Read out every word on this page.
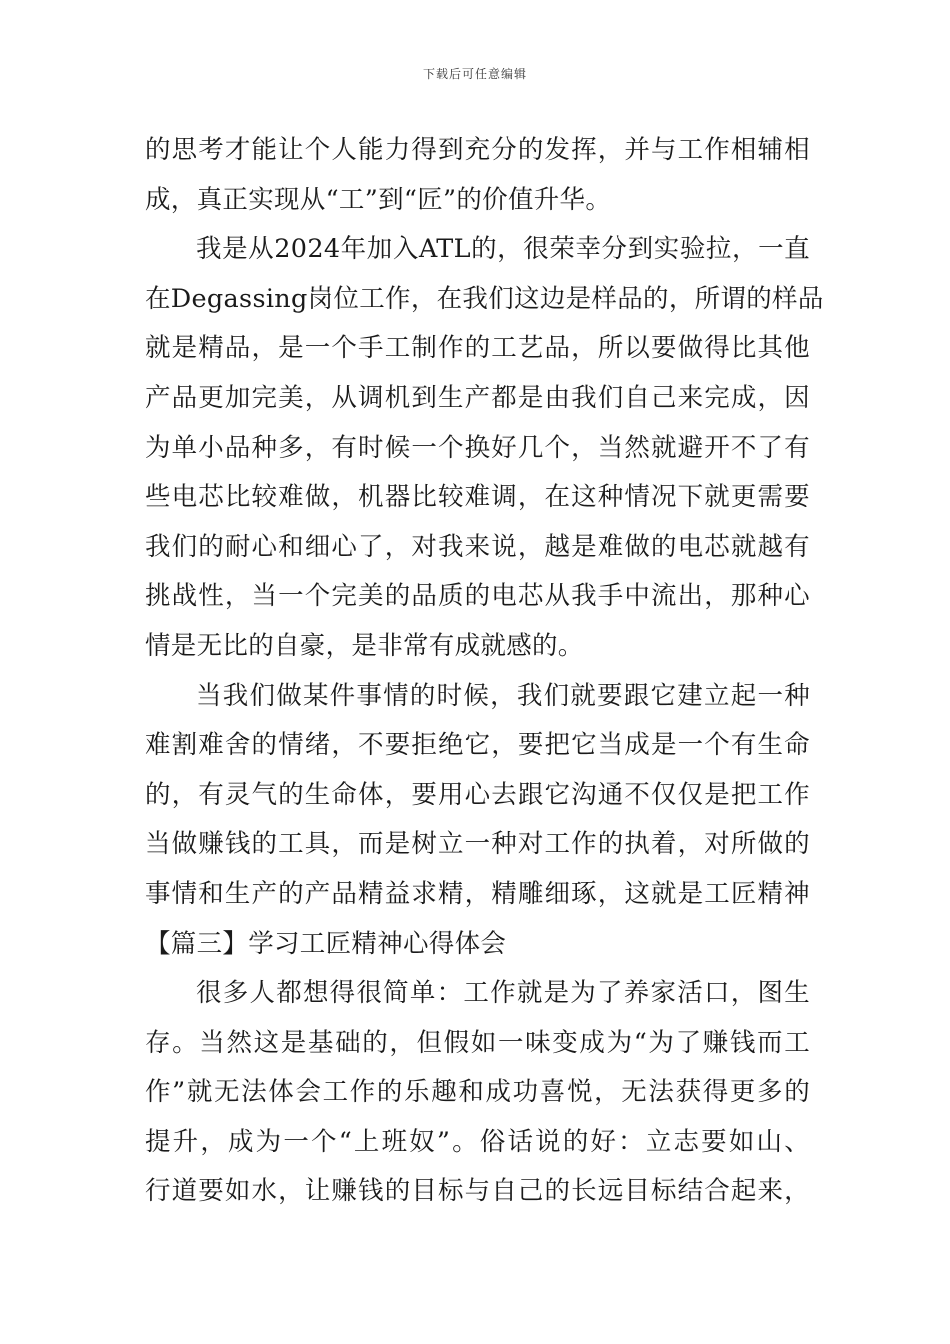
下载后可任意编辑
的思考才能让个人能力得到充分的发挥，并与工作相辅相
成，真正实现从“工”到“匠”的价值升华。
我是从2024年加入ATL的，很荣幸分到实验拉，一直
在Degassing岗位工作，在我们这边是样品的，所谓的样品
就是精品，是一个手工制作的工艺品，所以要做得比其他
产品更加完美，从调机到生产都是由我们自己来完成，因
为单小品种多，有时候一个换好几个，当然就避开不了有
些电芯比较难做，机器比较难调，在这种情况下就更需要
我们的耐心和细心了，对我来说，越是难做的电芯就越有
挑战性，当一个完美的品质的电芯从我手中流出，那种心
情是无比的自豪，是非常有成就感的。
当我们做某件事情的时候，我们就要跟它建立起一种
难割难舍的情绪，不要拒绝它，要把它当成是一个有生命
的，有灵气的生命体，要用心去跟它沟通不仅仅是把工作
当做赚钱的工具，而是树立一种对工作的执着，对所做的
事情和生产的产品精益求精，精雕细琢，这就是工匠精神
【篇三】学习工匠精神心得体会
很多人都想得很简单：工作就是为了养家活口，图生
存。当然这是基础的，但假如一味变成为“为了赚钱而工
作”就无法体会工作的乐趣和成功喜悦，无法获得更多的
提升，成为一个“上班奴”。俗话说的好：立志要如山、
行道要如水，让赚钱的目标与自己的长远目标结合起来，
